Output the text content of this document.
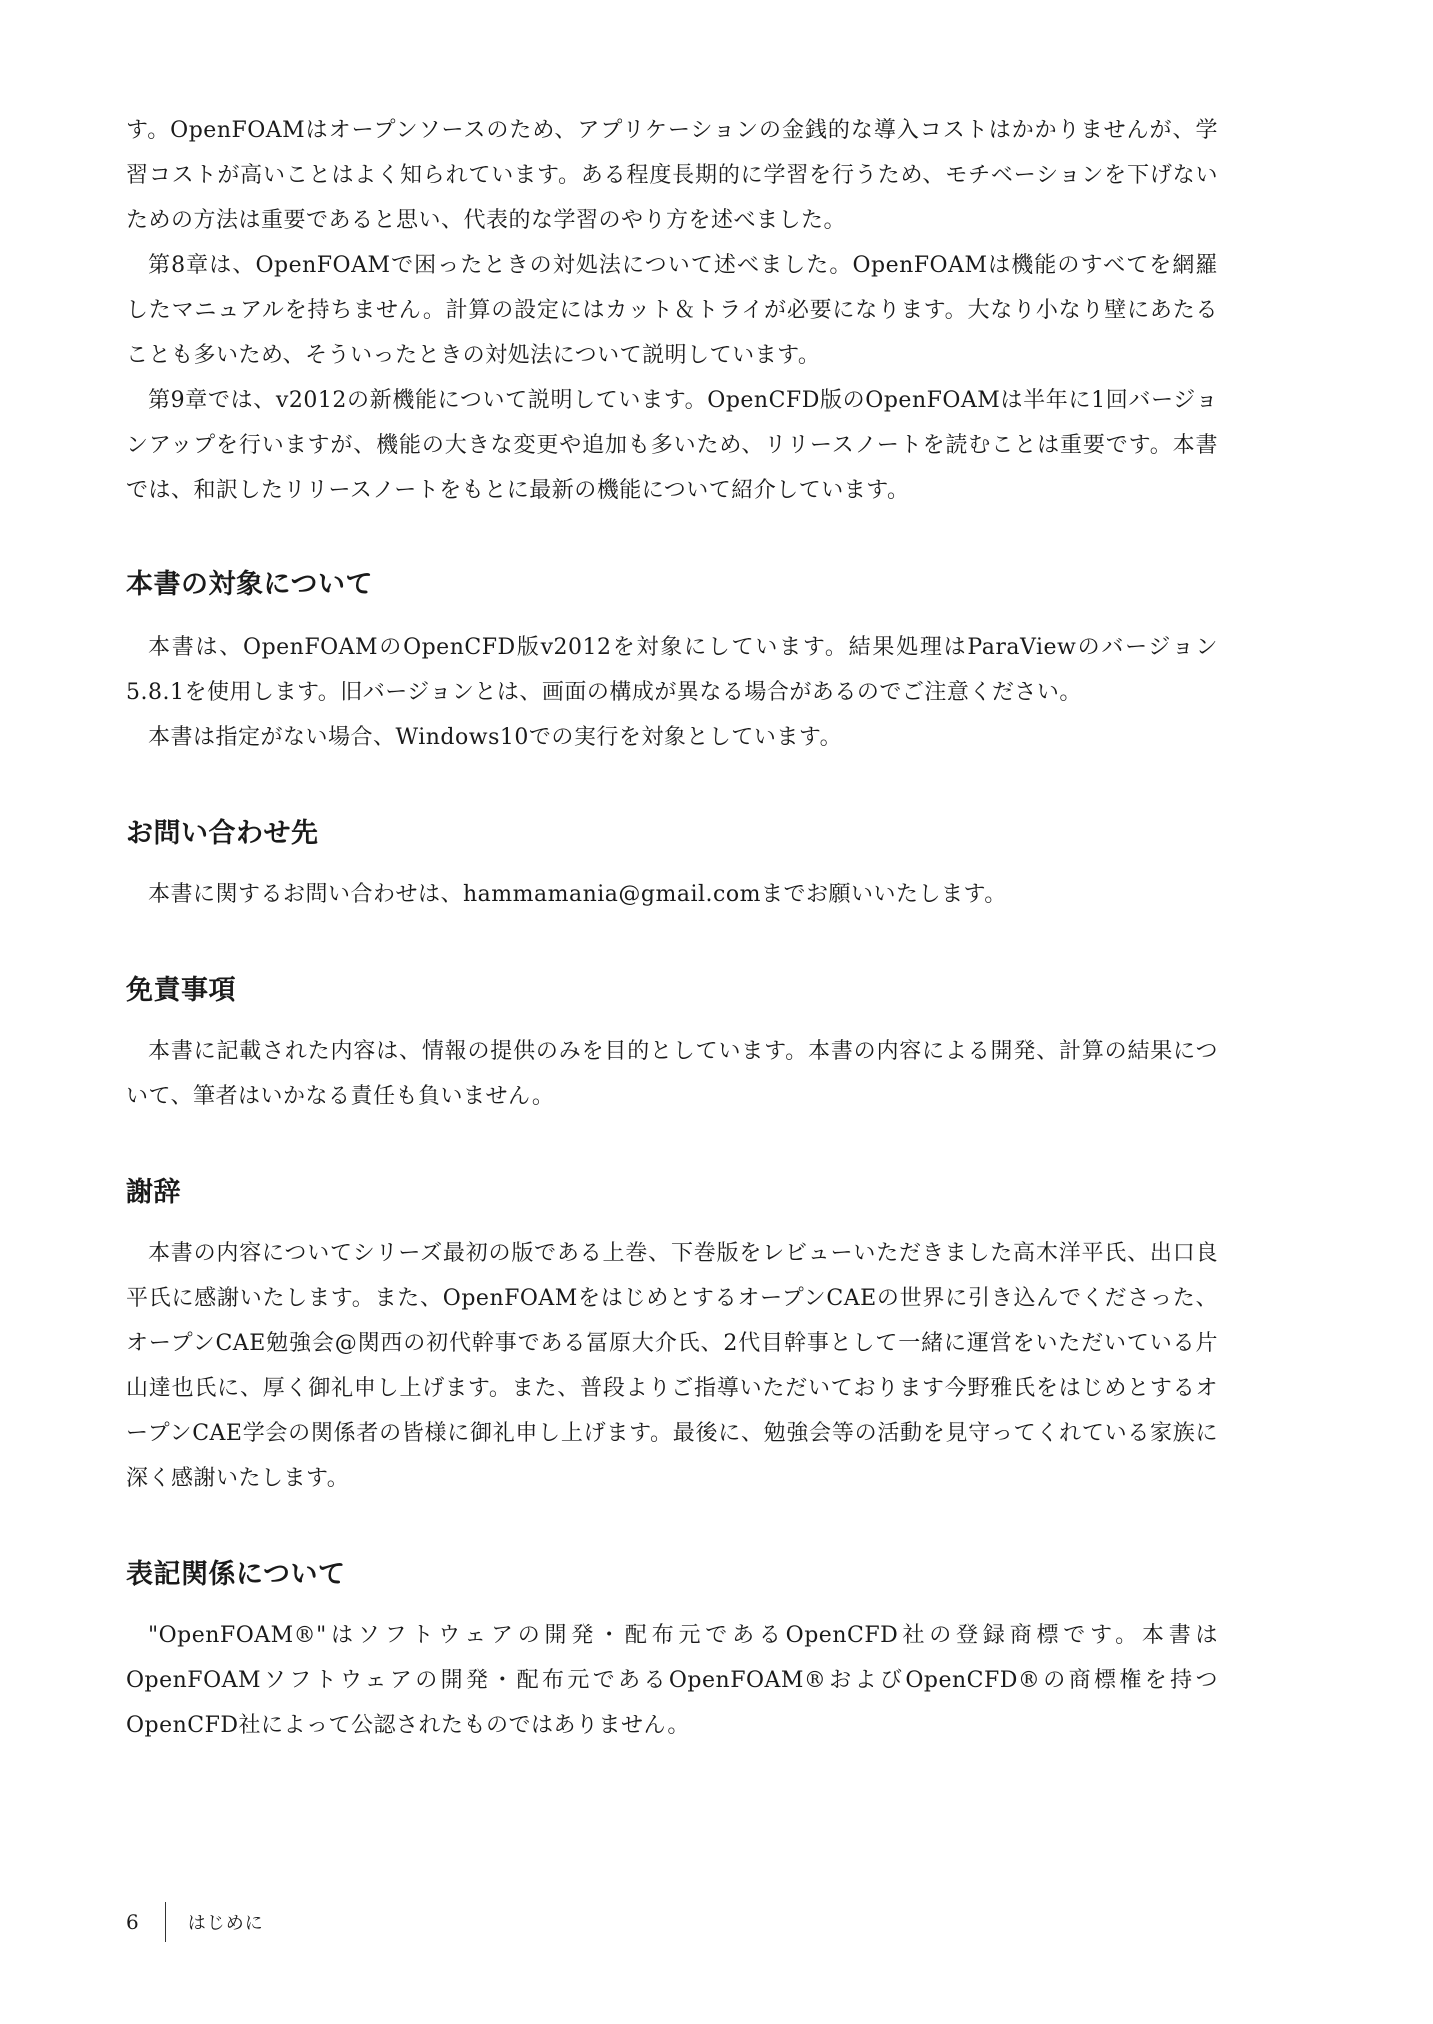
す。OpenFOAMはオープンソースのため、アプリケーションの金銭的な導入コストはかかりませんが、学習コストが高いことはよく知られています。ある程度長期的に学習を行うため、モチベーションを下げないための方法は重要であると思い、代表的な学習のやり方を述べました。

第8章は、OpenFOAMで困ったときの対処法について述べました。OpenFOAMは機能のすべてを網羅したマニュアルを持ちません。計算の設定にはカット＆トライが必要になります。大なり小なり壁にあたることも多いため、そういったときの対処法について説明しています。

第9章では、v2012の新機能について説明しています。OpenCFD版のOpenFOAMは半年に1回バージョンアップを行いますが、機能の大きな変更や追加も多いため、リリースノートを読むことは重要です。本書では、和訳したリリースノートをもとに最新の機能について紹介しています。

本書の対象について

本書は、OpenFOAMのOpenCFD版v2012を対象にしています。結果処理はParaViewのバージョン5.8.1を使用します。旧バージョンとは、画面の構成が異なる場合があるのでご注意ください。

本書は指定がない場合、Windows10での実行を対象としています。

お問い合わせ先

本書に関するお問い合わせは、hammamania@gmail.comまでお願いいたします。

免責事項

本書に記載された内容は、情報の提供のみを目的としています。本書の内容による開発、計算の結果について、筆者はいかなる責任も負いません。

謝辞

本書の内容についてシリーズ最初の版である上巻、下巻版をレビューいただきました高木洋平氏、出口良平氏に感謝いたします。また、OpenFOAMをはじめとするオープンCAEの世界に引き込んでくださった、オープンCAE勉強会@関西の初代幹事である冨原大介氏、2代目幹事として一緒に運営をいただいている片山達也氏に、厚く御礼申し上げます。また、普段よりご指導いただいております今野雅氏をはじめとするオープンCAE学会の関係者の皆様に御礼申し上げます。最後に、勉強会等の活動を見守ってくれている家族に深く感謝いたします。

表記関係について

"OpenFOAM®"はソフトウェアの開発・配布元であるOpenCFD社の登録商標です。本書はOpenFOAMソフトウェアの開発・配布元であるOpenFOAM®およびOpenCFD®の商標権を持つOpenCFD社によって公認されたものではありません。

6	はじめに
